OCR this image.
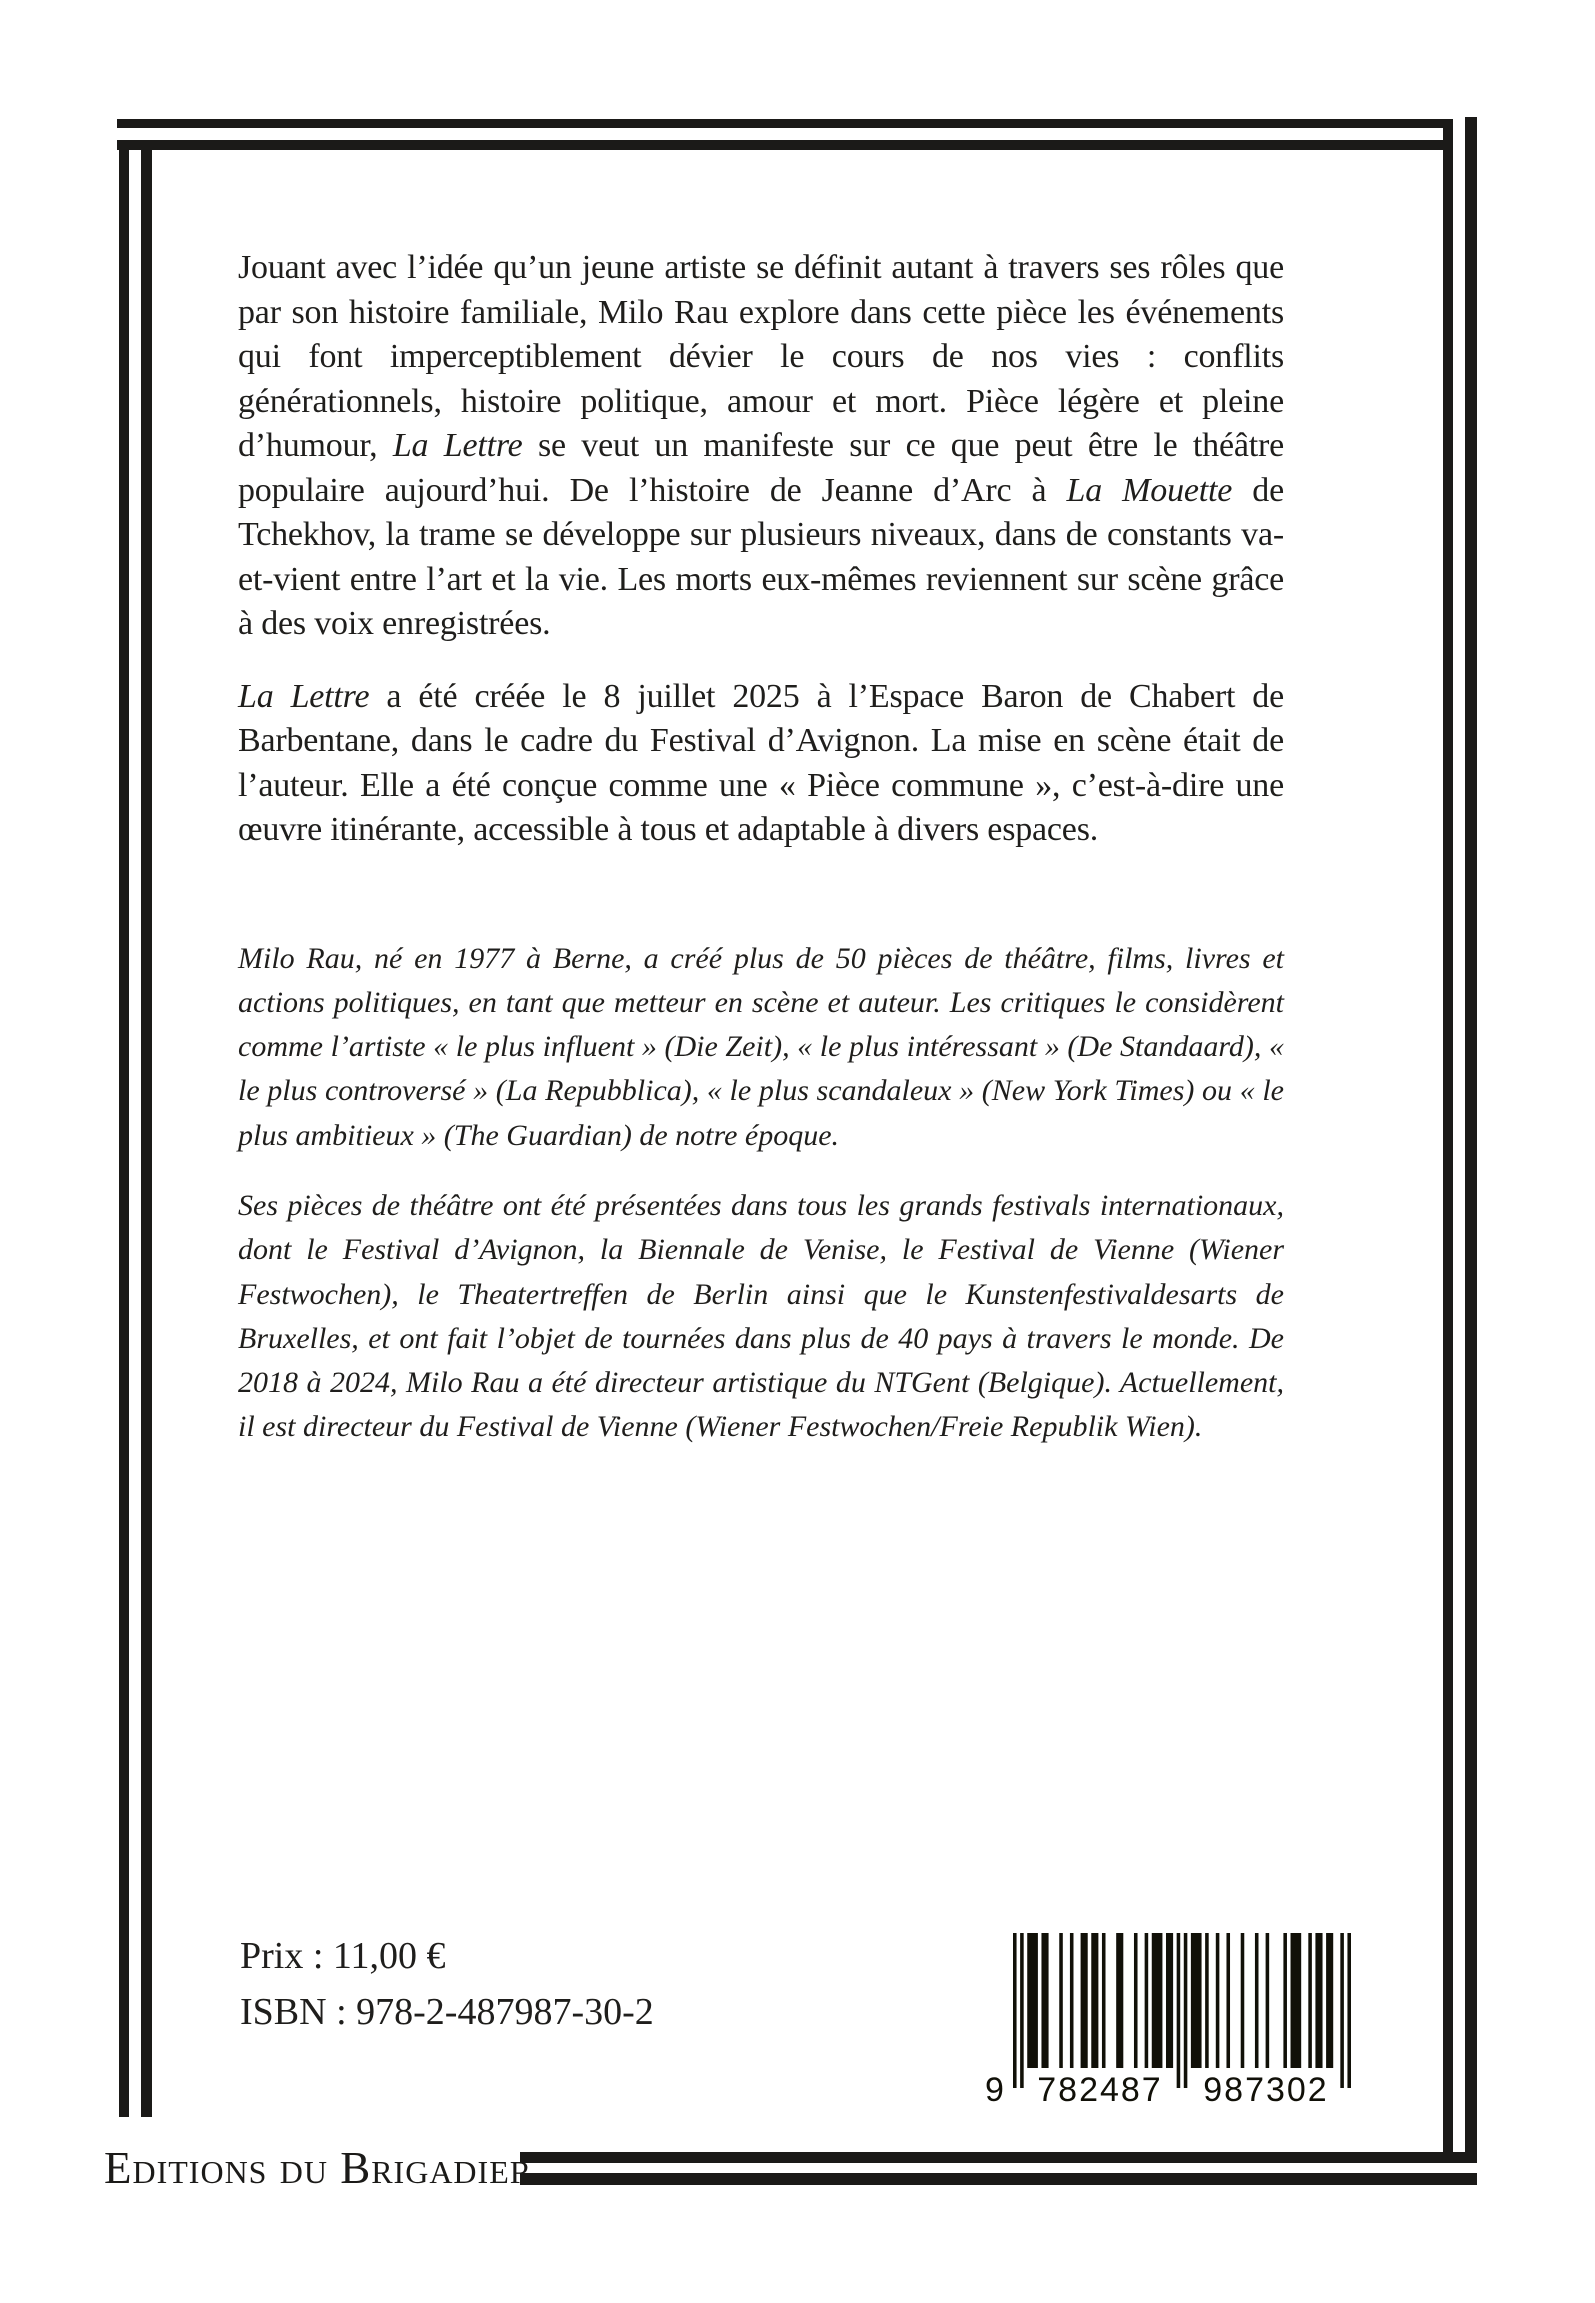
Jouant avec l’idée qu’un jeune artiste se définit autant à travers ses rôles que par son histoire familiale, Milo Rau explore dans cette pièce les événements qui font imperceptiblement dévier le cours de nos vies : conflits générationnels, histoire politique, amour et mort. Pièce légère et pleine d’humour, La Lettre se veut un manifeste sur ce que peut être le théâtre populaire aujourd’hui. De l’histoire de Jeanne d’Arc à La Mouette de Tchekhov, la trame se développe sur plusieurs niveaux, dans de constants va-et-vient entre l’art et la vie. Les morts eux-mêmes reviennent sur scène grâce à des voix enregistrées.

La Lettre a été créée le 8 juillet 2025 à l’Espace Baron de Chabert de Barbentane, dans le cadre du Festival d’Avignon. La mise en scène était de l’auteur. Elle a été conçue comme une « Pièce commune », c’est-à-dire une œuvre itinérante, accessible à tous et adaptable à divers espaces.

Milo Rau, né en 1977 à Berne, a créé plus de 50 pièces de théâtre, films, livres et actions politiques, en tant que metteur en scène et auteur. Les critiques le considèrent comme l’artiste « le plus influent » (Die Zeit), « le plus intéressant » (De Standaard), « le plus controversé » (La Repubblica), « le plus scandaleux » (New York Times) ou « le plus ambitieux » (The Guardian) de notre époque.

Ses pièces de théâtre ont été présentées dans tous les grands festivals internationaux, dont le Festival d’Avignon, la Biennale de Venise, le Festival de Vienne (Wiener Festwochen), le Theatertreffen de Berlin ainsi que le Kunstenfestivaldesarts de Bruxelles, et ont fait l’objet de tournées dans plus de 40 pays à travers le monde. De 2018 à 2024, Milo Rau a été directeur artistique du NTGent (Belgique). Actuellement, il est directeur du Festival de Vienne (Wiener Festwochen/Freie Republik Wien).

Prix : 11,00 €
ISBN : 978-2-487987-30-2
9 782487	987302
Editions du Brigadier
